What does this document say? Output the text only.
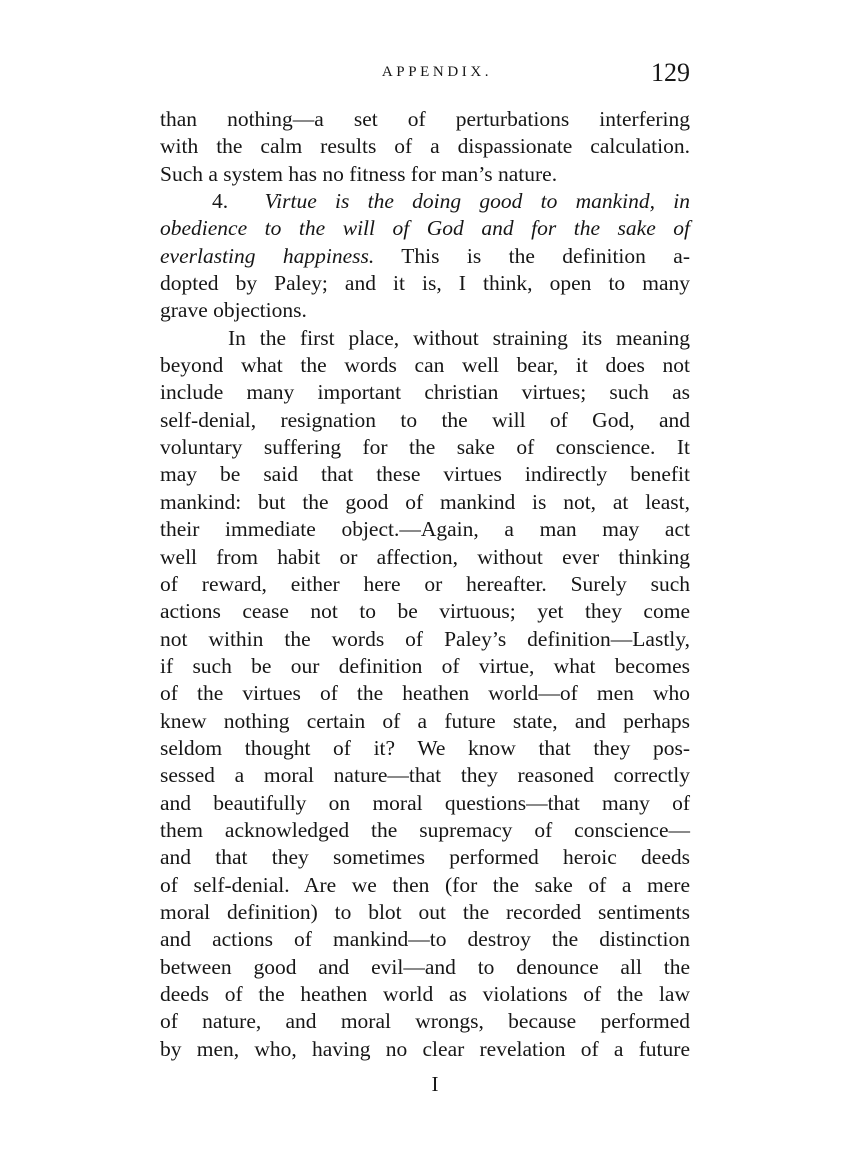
APPENDIX.	129
than nothing—a set of perturbations interfering
with the calm results of a dispassionate calculation.
Such a system has no fitness for man’s nature.
4. Virtue is the doing good to mankind, in
obedience to the will of God and for the sake of
everlasting happiness. This is the definition a-
dopted by Paley; and it is, I think, open to many
grave objections.
In the first place, without straining its meaning
beyond what the words can well bear, it does not
include many important christian virtues; such as
self-denial, resignation to the will of God, and
voluntary suffering for the sake of conscience. It
may be said that these virtues indirectly benefit
mankind: but the good of mankind is not, at least,
their immediate object.—Again, a man may act
well from habit or affection, without ever thinking
of reward, either here or hereafter. Surely such
actions cease not to be virtuous; yet they come
not within the words of Paley’s definition—Lastly,
if such be our definition of virtue, what becomes
of the virtues of the heathen world—of men who
knew nothing certain of a future state, and perhaps
seldom thought of it? We know that they pos-
sessed a moral nature—that they reasoned correctly
and beautifully on moral questions—that many of
them acknowledged the supremacy of conscience—
and that they sometimes performed heroic deeds
of self-denial. Are we then (for the sake of a mere
moral definition) to blot out the recorded sentiments
and actions of mankind—to destroy the distinction
between good and evil—and to denounce all the
deeds of the heathen world as violations of the law
of nature, and moral wrongs, because performed
by men, who, having no clear revelation of a future
I
